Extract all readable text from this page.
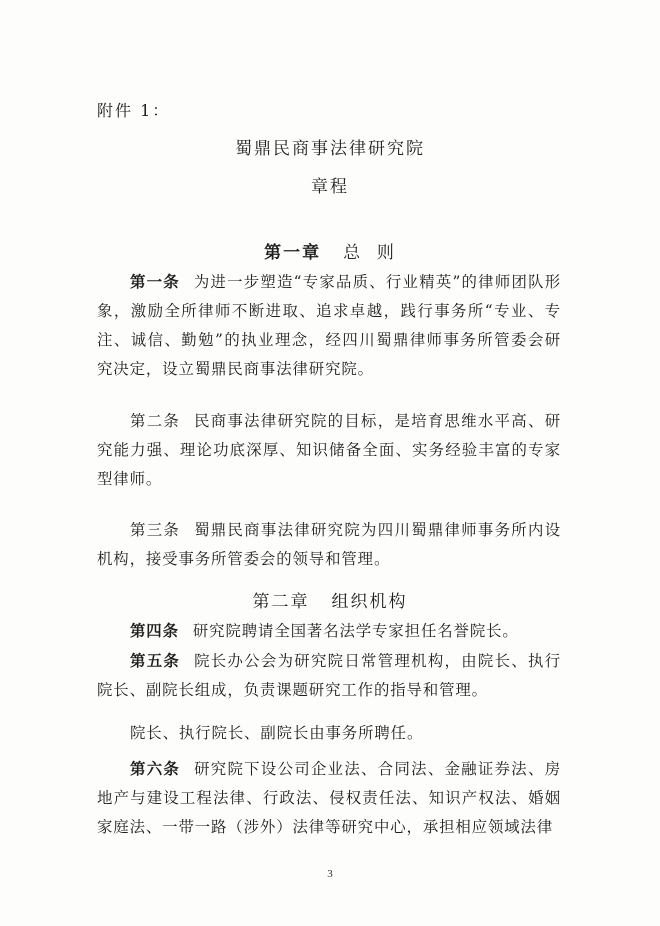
附件 1：
蜀鼎民商事法律研究院
章程
第一章 总  则
第一条 为进一步塑造“专家品质、行业精英”的律师团队形象，激励全所律师不断进取、追求卓越，践行事务所“专业、专注、诚信、勤勉”的执业理念，经四川蜀鼎律师事务所管委会研究决定，设立蜀鼎民商事法律研究院。
第二条 民商事法律研究院的目标，是培育思维水平高、研究能力强、理论功底深厚、知识储备全面、实务经验丰富的专家型律师。
第三条 蜀鼎民商事法律研究院为四川蜀鼎律师事务所内设机构，接受事务所管委会的领导和管理。
第二章 组织机构
第四条 研究院聘请全国著名法学专家担任名誉院长。
第五条 院长办公会为研究院日常管理机构，由院长、执行院长、副院长组成，负责课题研究工作的指导和管理。
院长、执行院长、副院长由事务所聘任。
第六条 研究院下设公司企业法、合同法、金融证券法、房地产与建设工程法律、行政法、侵权责任法、知识产权法、婚姻家庭法、一带一路（涉外）法律等研究中心，承担相应领域法律
3
